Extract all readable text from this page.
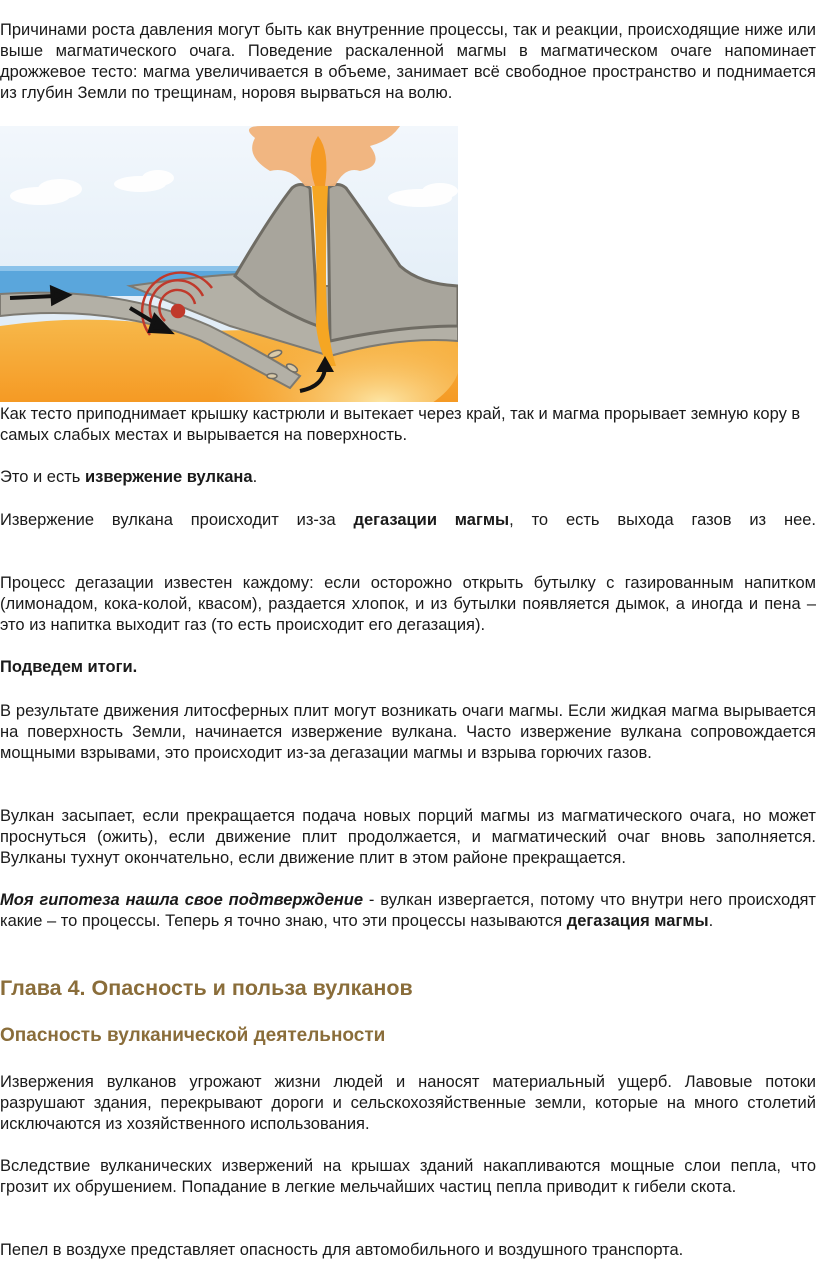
Причинами роста давления могут быть как внутренние процессы, так и реакции, происходящие ниже или выше магматического очага. Поведение раскаленной магмы в магматическом очаге напоминает дрожжевое тесто: магма увеличивается в объеме, занимает всё свободное пространство и поднимается из глубин Земли по трещинам, норовя вырваться на волю.

Как тесто приподнимает крышку кастрюли и вытекает через край, так и магма прорывает земную кору в самых слабых местах и вырывается на поверхность.

Это и есть извержение вулкана.

Извержение вулкана происходит из-за дегазации магмы, то есть выхода газов из нее.

Процесс дегазации известен каждому: если осторожно открыть бутылку с газированным напитком (лимонадом, кока-колой, квасом), раздается хлопок, и из бутылки появляется дымок, а иногда и пена – это из напитка выходит газ (то есть происходит его дегазация).

Подведем итоги.

В результате движения литосферных плит могут возникать очаги магмы. Если жидкая магма вырывается на поверхность Земли, начинается извержение вулкана. Часто извержение вулкана сопровождается мощными взрывами, это происходит из-за дегазации магмы и взрыва горючих газов.

Вулкан засыпает, если прекращается подача новых порций магмы из магматического очага, но может проснуться (ожить), если движение плит продолжается, и магматический очаг вновь заполняется. Вулканы тухнут окончательно, если движение плит в этом районе прекращается.

Моя гипотеза нашла свое подтверждение - вулкан извергается, потому что внутри него происходят какие – то процессы. Теперь я точно знаю, что эти процессы называются дегазация магмы.

Глава 4. Опасность и польза вулканов
Опасность вулканической деятельности

Извержения вулканов угрожают жизни людей и наносят материальный ущерб. Лавовые потоки разрушают здания, перекрывают дороги и сельскохозяйственные земли, которые на много столетий исключаются из хозяйственного использования.

Вследствие вулканических извержений на крышах зданий накапливаются мощные слои пепла, что грозит их обрушением. Попадание в легкие мельчайших частиц пепла приводит к гибели скота.

Пепел в воздухе представляет опасность для автомобильного и воздушного транспорта.
